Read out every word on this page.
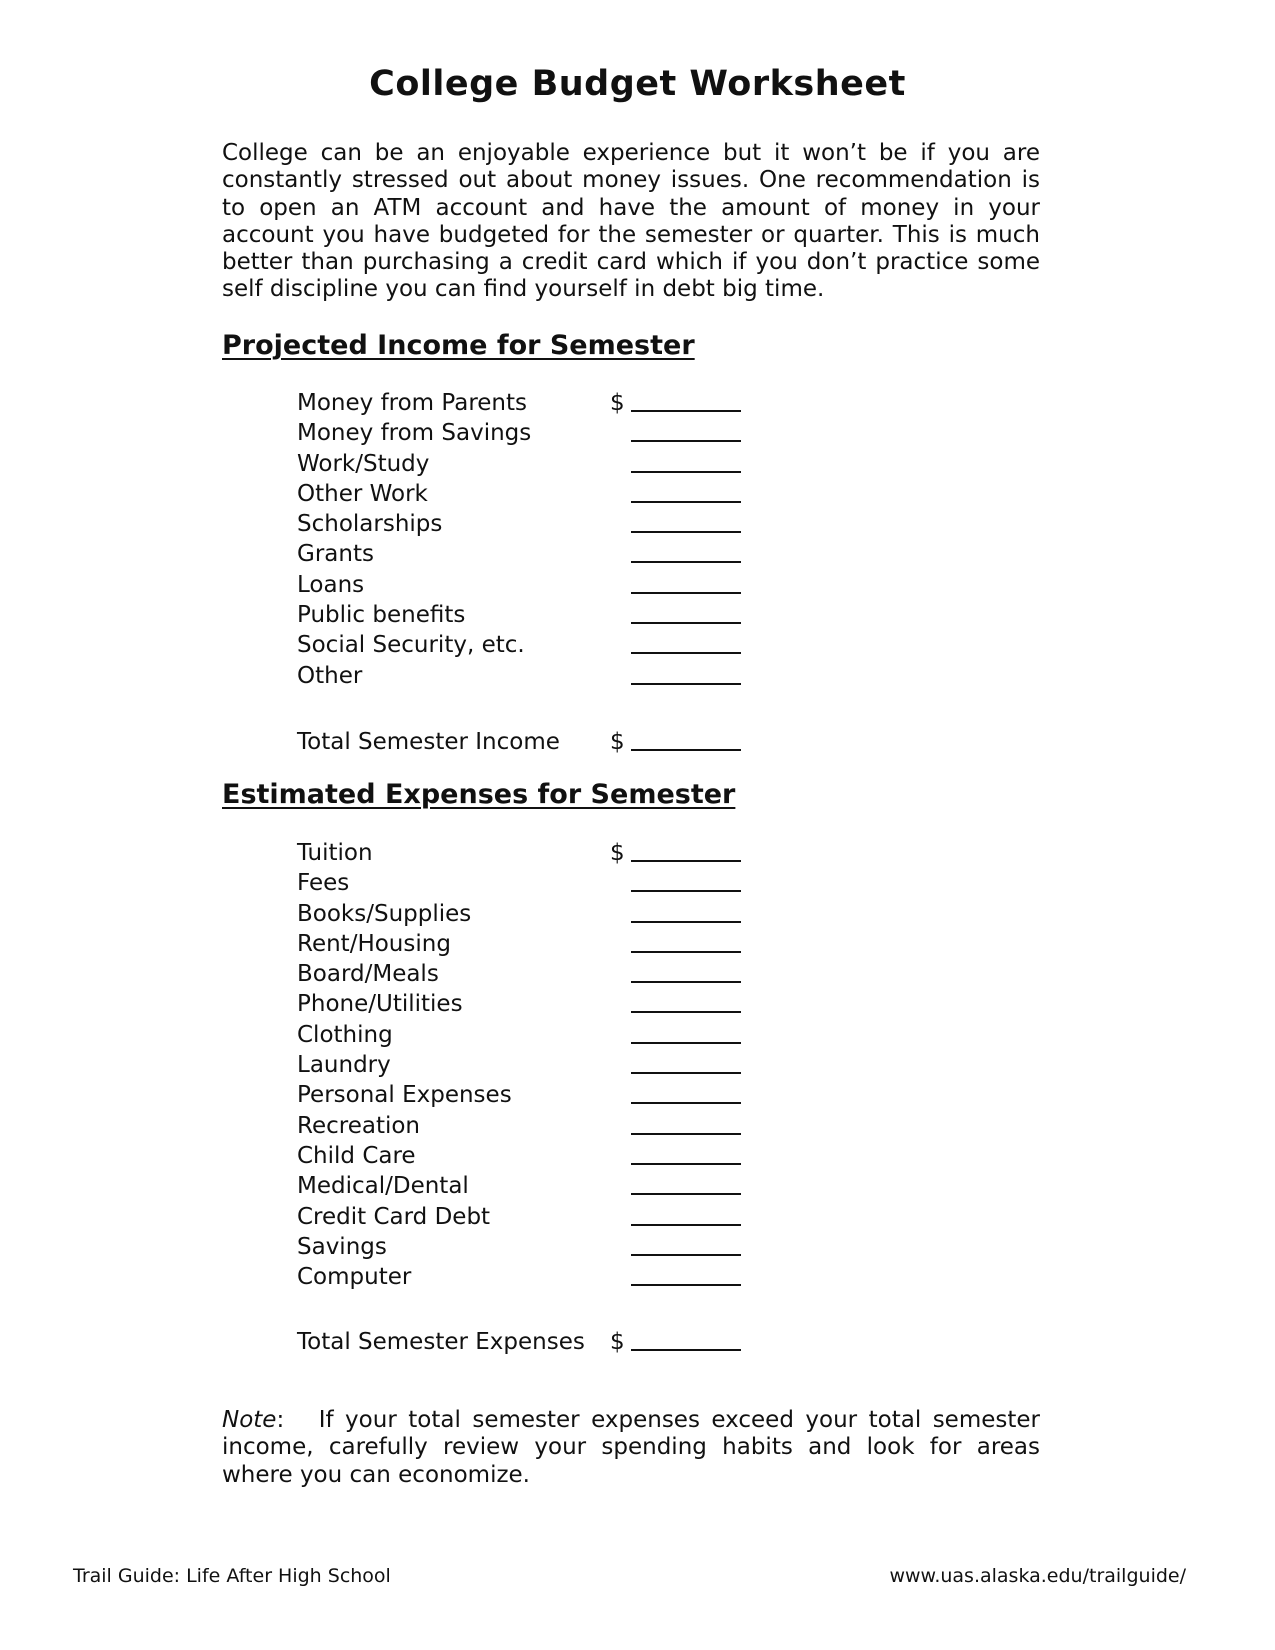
College Budget Worksheet

College can be an enjoyable experience but it won’t be if you are constantly stressed out about money issues. One recommendation is to open an ATM account and have the amount of money in your account you have budgeted for the semester or quarter. This is much better than purchasing a credit card which if you don’t practice some self discipline you can find yourself in debt big time.

Projected Income for Semester
Money from Parents	$
Money from Savings
Work/Study
Other Work
Scholarships
Grants
Loans
Public benefits
Social Security, etc.
Other
Total Semester Income $
Estimated Expenses for Semester
Tuition	$
Fees
Books/Supplies
Rent/Housing
Board/Meals
Phone/Utilities
Clothing
Laundry
Personal Expenses
Recreation
Child Care
Medical/Dental
Credit Card Debt
Savings
Computer
Total Semester Expenses $

Note:   If your total semester expenses exceed your total semester income, carefully review your spending habits and look for areas where you can economize.

Trail Guide: Life After High School	www.uas.alaska.edu/trailguide/
